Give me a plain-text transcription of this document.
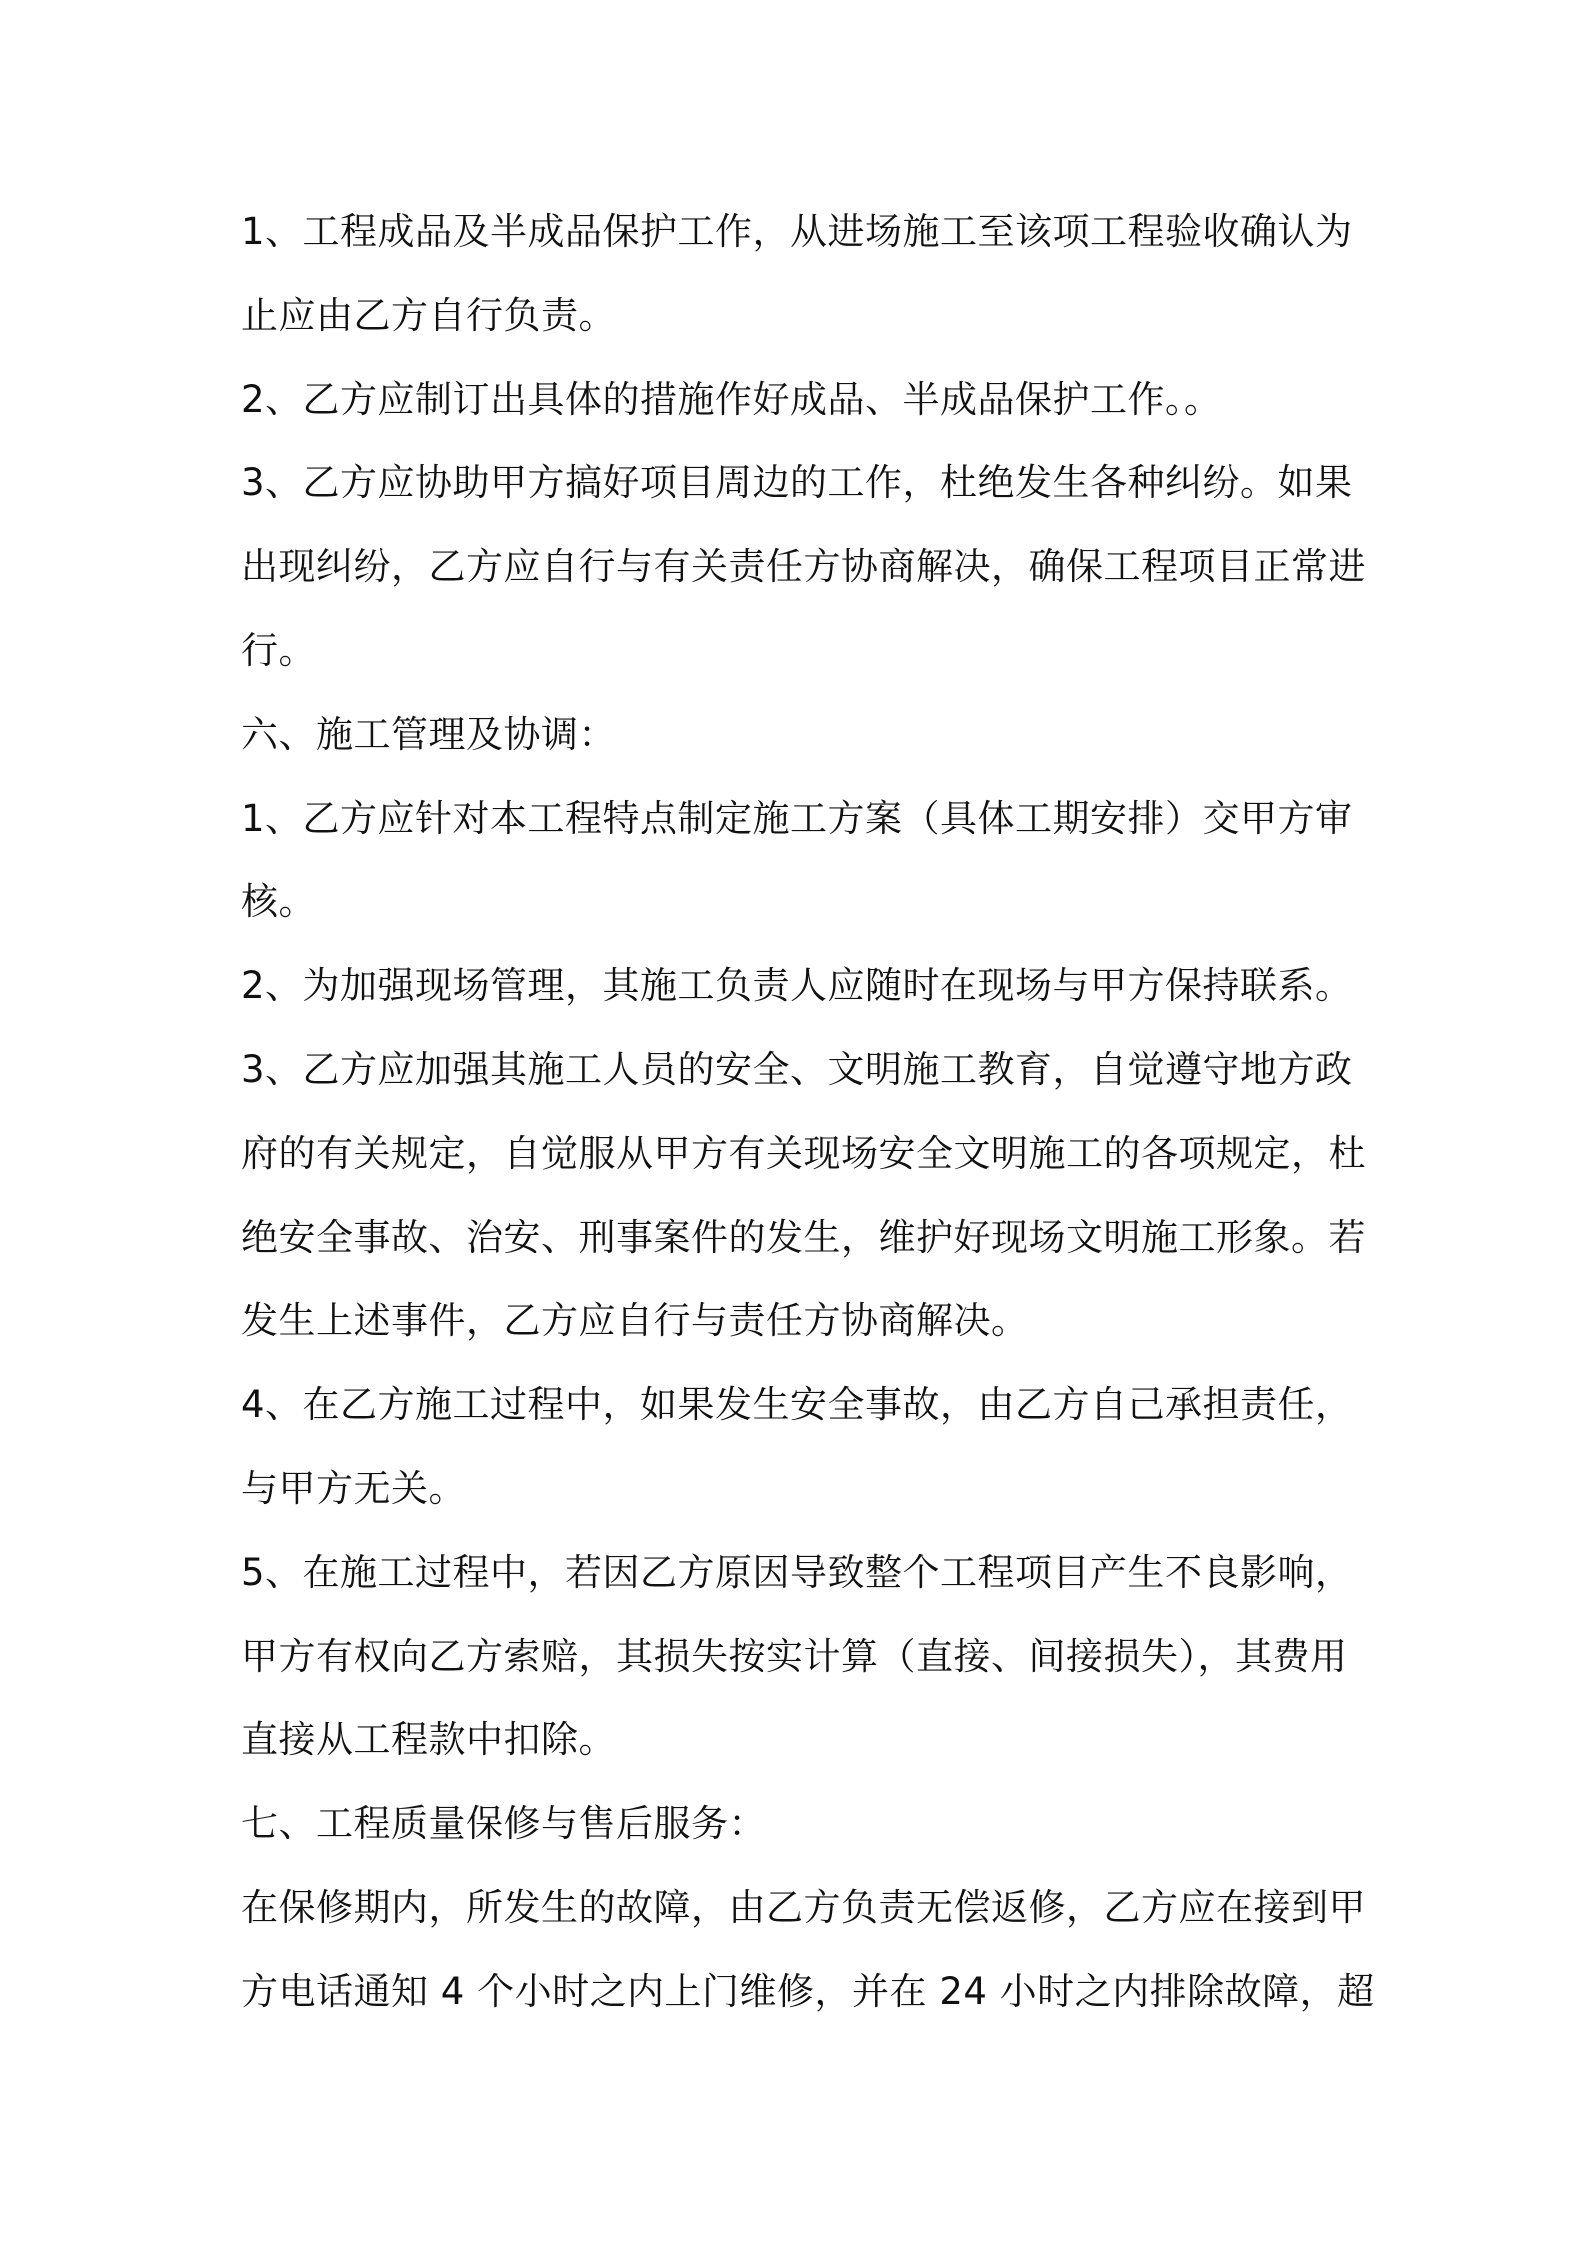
1、工程成品及半成品保护工作，从进场施工至该项工程验收确认为
止应由乙方自行负责。
2、乙方应制订出具体的措施作好成品、半成品保护工作。。
3、乙方应协助甲方搞好项目周边的工作，杜绝发生各种纠纷。如果
出现纠纷，乙方应自行与有关责任方协商解决，确保工程项目正常进
行。
六、施工管理及协调：
1、乙方应针对本工程特点制定施工方案（具体工期安排）交甲方审
核。
2、为加强现场管理，其施工负责人应随时在现场与甲方保持联系。
3、乙方应加强其施工人员的安全、文明施工教育，自觉遵守地方政
府的有关规定，自觉服从甲方有关现场安全文明施工的各项规定，杜
绝安全事故、治安、刑事案件的发生，维护好现场文明施工形象。若
发生上述事件，乙方应自行与责任方协商解决。
4、在乙方施工过程中，如果发生安全事故，由乙方自己承担责任，
与甲方无关。
5、在施工过程中，若因乙方原因导致整个工程项目产生不良影响，
甲方有权向乙方索赔，其损失按实计算（直接、间接损失），其费用
直接从工程款中扣除。
七、工程质量保修与售后服务：
在保修期内，所发生的故障，由乙方负责无偿返修，乙方应在接到甲
方电话通知 4 个小时之内上门维修，并在 24 小时之内排除故障，超
